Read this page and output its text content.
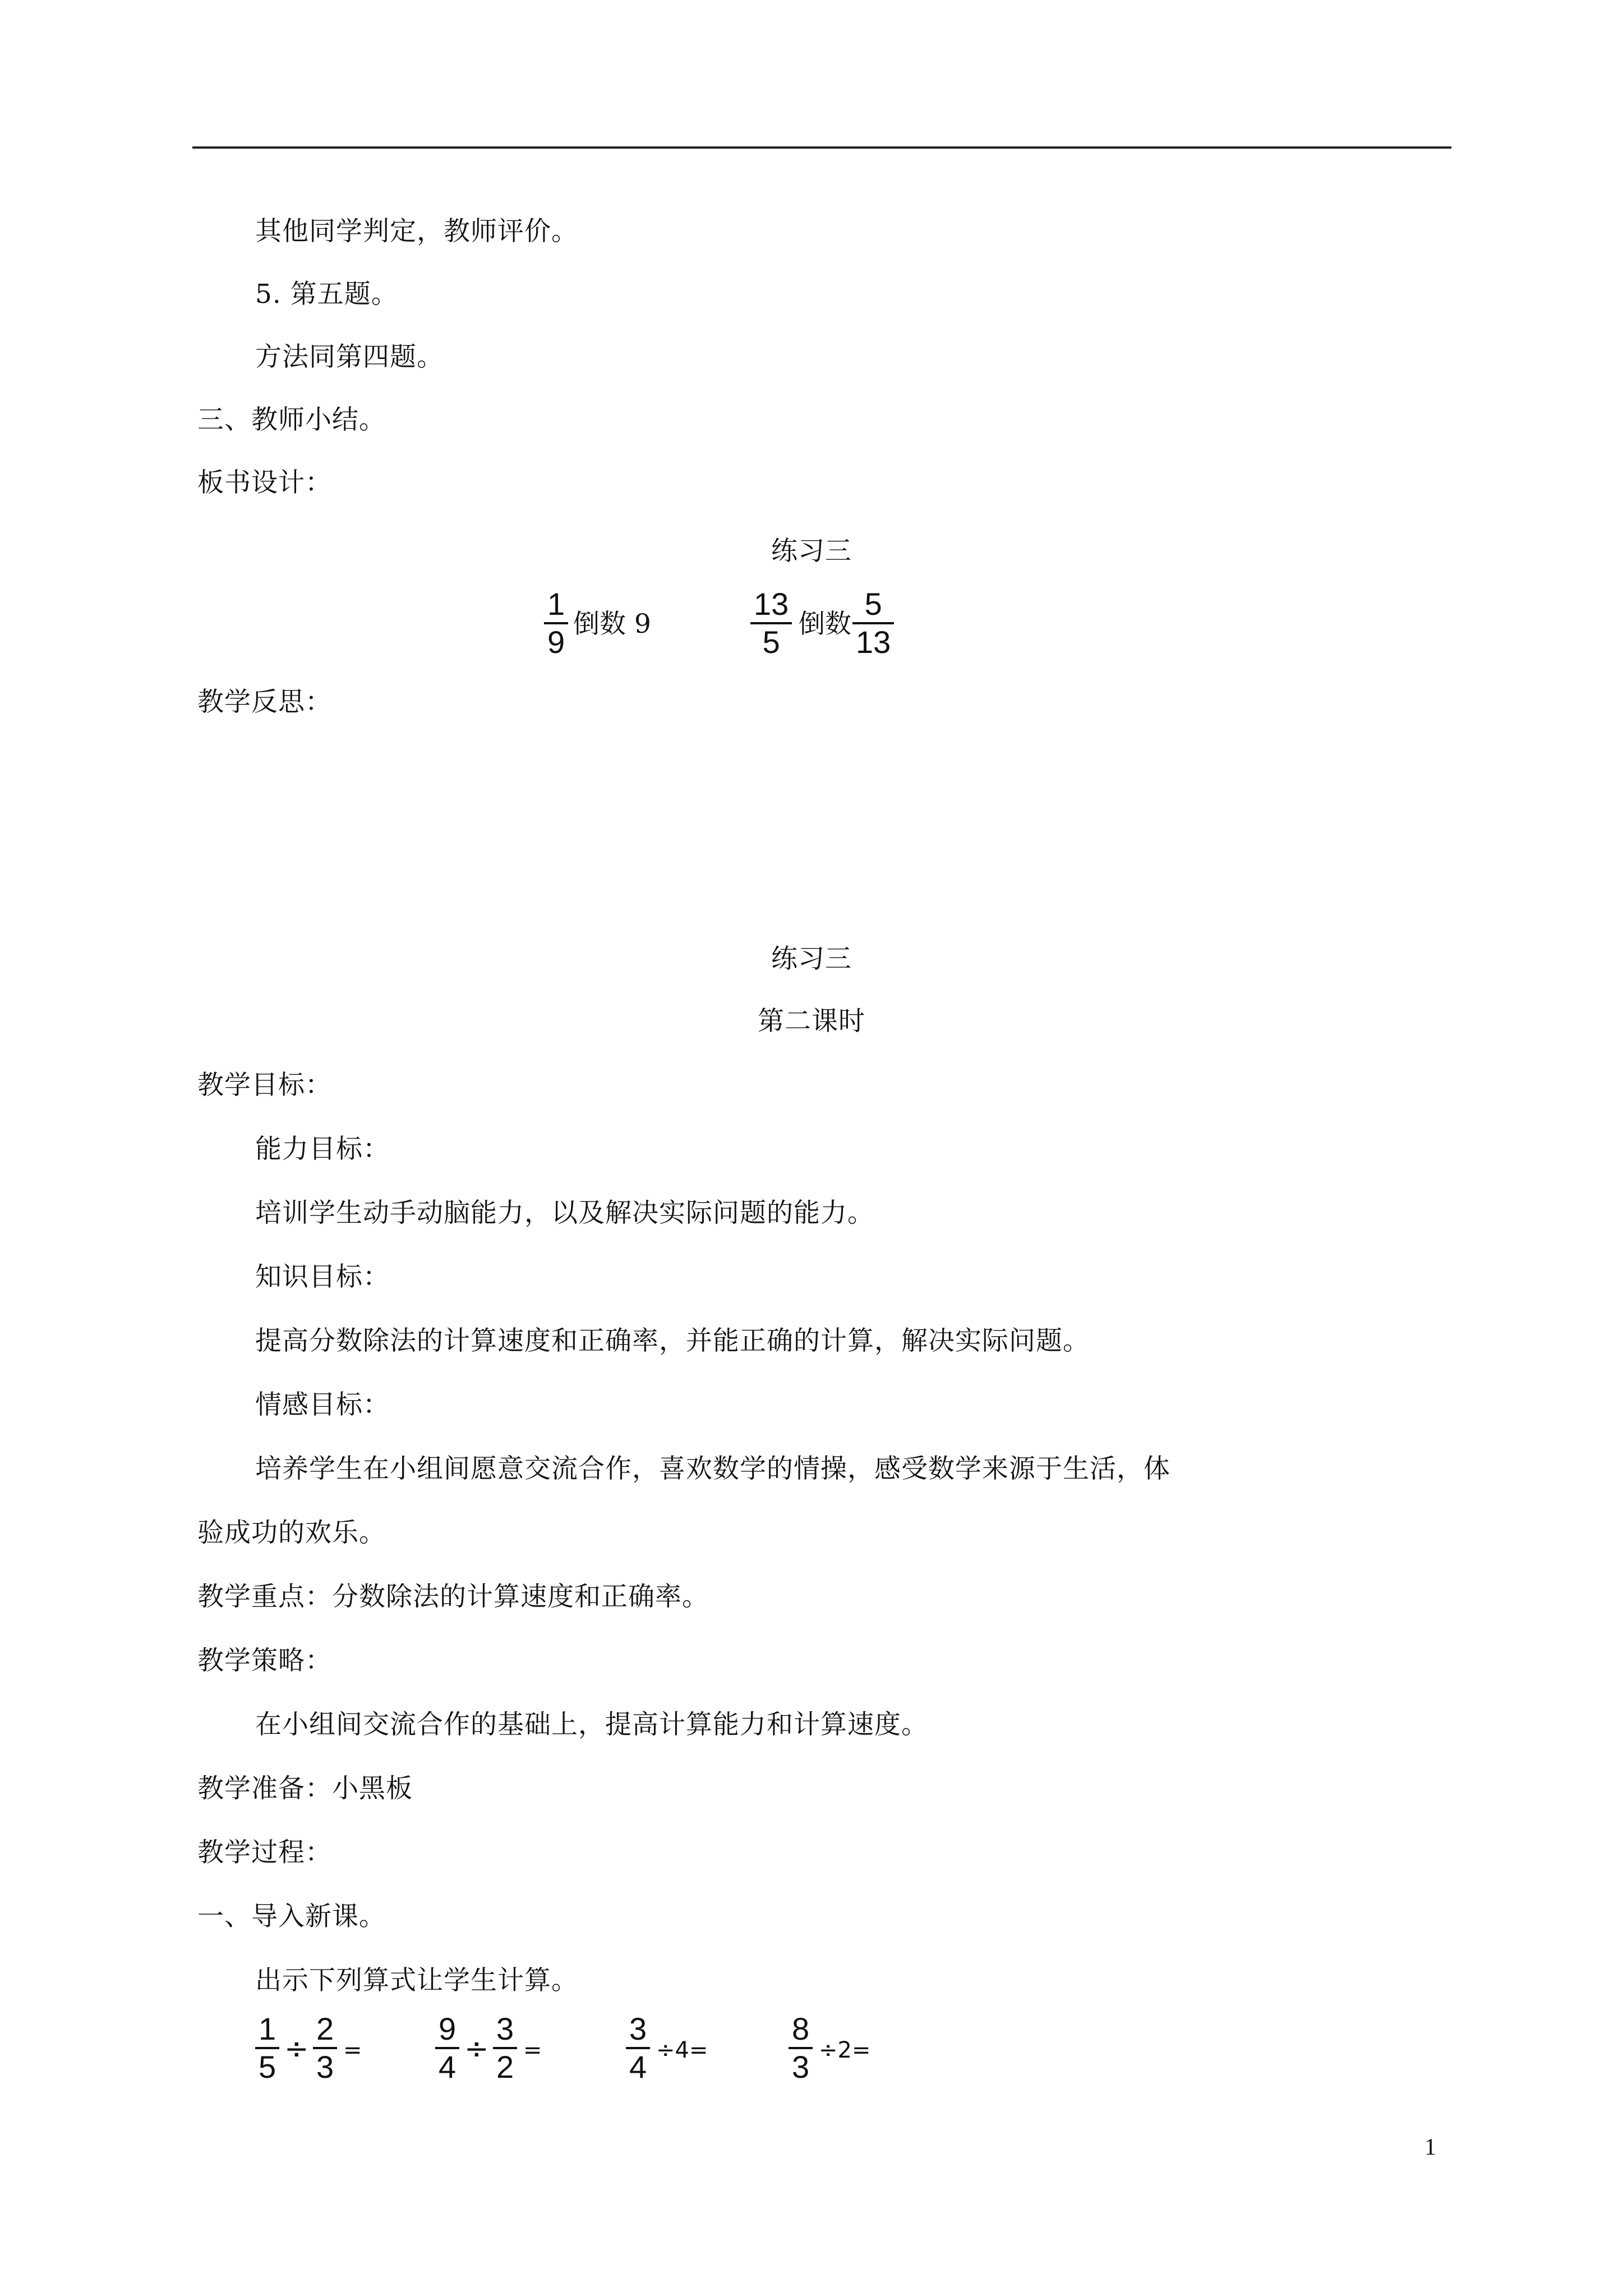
其他同学判定，教师评价。
5. 第五题。
方法同第四题。
三、教师小结。
板书设计：
练习三
1
9
倒数 9
13
5
倒数
5
13
教学反思：
练习三
第二课时
教学目标：
能力目标：
培训学生动手动脑能力，以及解决实际问题的能力。
知识目标：
提高分数除法的计算速度和正确率，并能正确的计算，解决实际问题。
情感目标：
培养学生在小组间愿意交流合作，喜欢数学的情操，感受数学来源于生活，体
验成功的欢乐。
教学重点：分数除法的计算速度和正确率。
教学策略：
在小组间交流合作的基础上，提高计算能力和计算速度。
教学准备：小黑板
教学过程：
一、导入新课。
出示下列算式让学生计算。
1
5 ÷
2
3 =
9
4 ÷
3
2 =
3
4 ÷4=
8
3 ÷2=
1
